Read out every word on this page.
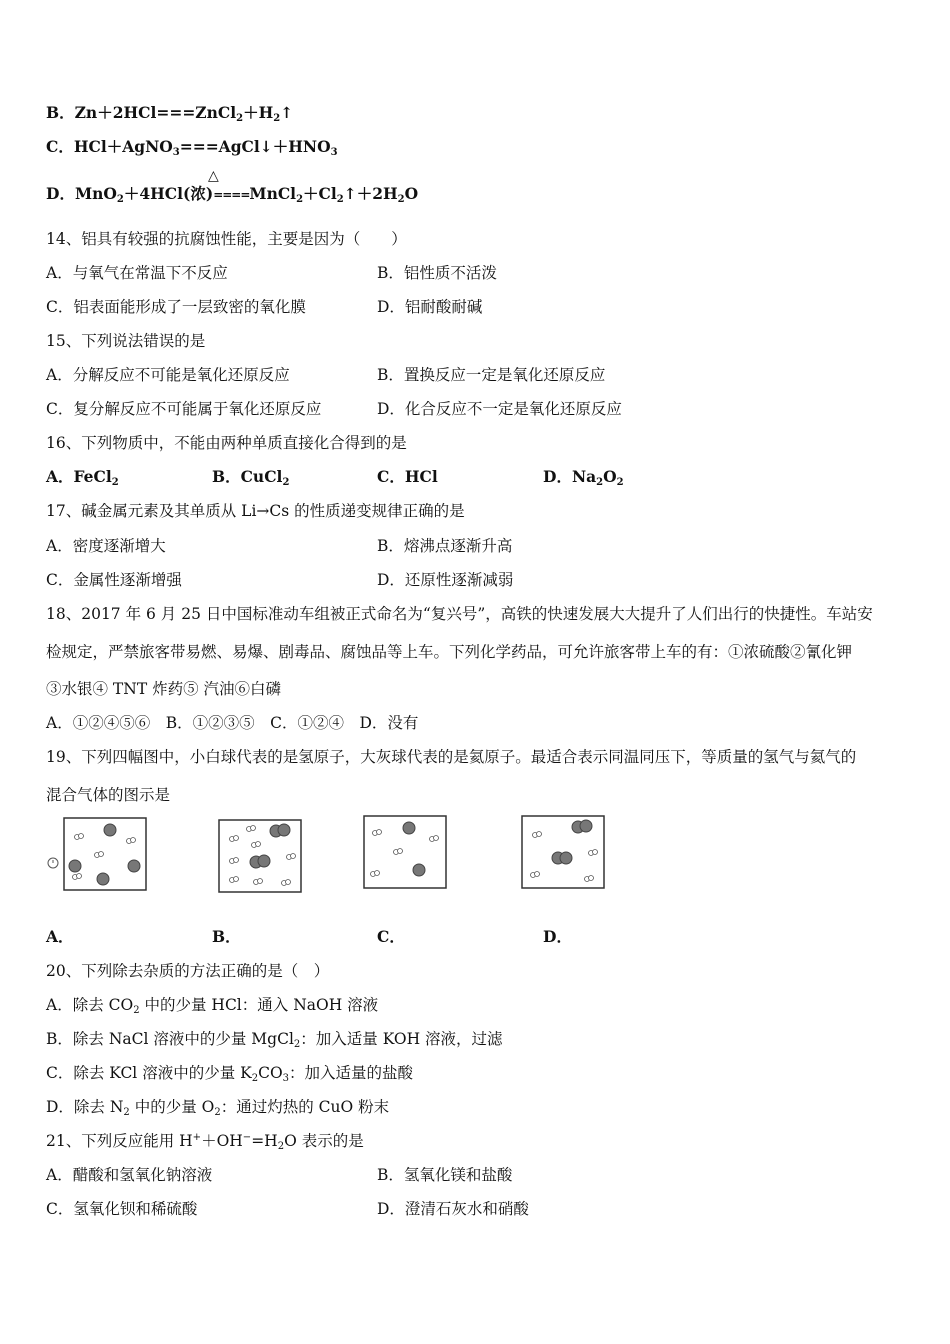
B．$Zn+2HCl===ZnCl_2+H_2↑$
C．$HCl+AgNO_3===AgCl↓+HNO_3$
△
D．MnO$_2$＋4HCl(浓)$====MnCl_2+Cl_2↑+2H_2O$
14、铝具有较强的抗腐蚀性能，主要是因为（　　）
A．与氧气在常温下不反应	B．铝性质不活泼
C．铝表面能形成了一层致密的氧化膜	D．铝耐酸耐碱
15、下列说法错误的是
A．分解反应不可能是氧化还原反应	B．置换反应一定是氧化还原反应
C．复分解反应不可能属于氧化还原反应	D．化合反应不一定是氧化还原反应
16、下列物质中，不能由两种单质直接化合得到的是
A．FeCl$_2$	B．CuCl$_2$	C．HCl	D．$Na_2O_2$
17、碱金属元素及其单质从 Li→Cs 的性质递变规律正确的是
A．密度逐渐增大	B．熔沸点逐渐升高
C．金属性逐渐增强	D．还原性逐渐减弱
18、2017 年 6 月 25 日中国标准动车组被正式命名为“复兴号”，高铁的快速发展大大提升了人们出行的快捷性。车站安
检规定，严禁旅客带易燃、易爆、剧毒品、腐蚀品等上车。下列化学药品，可允许旅客带上车的有：①浓硫酸②氰化钾
③水银④ TNT 炸药⑤ 汽油⑥白磷
A．①②④⑤⑥　B．①②③⑤　C．①②④　D．没有
19、下列四幅图中，小白球代表的是氢原子，大灰球代表的是氦原子。最适合表示同温同压下，等质量的氢气与氦气的
混合气体的图示是
A．	B．	C．	D．
20、下列除去杂质的方法正确的是（　）
A．除去 $CO_2$ 中的少量 HCl：通入 NaOH 溶液
B．除去 NaCl 溶液中的少量 MgCl$_2$：加入适量 KOH 溶液，过滤
C．除去 KCl 溶液中的少量 $K_2CO_3$：加入适量的盐酸
D．除去 $N_2$ 中的少量 $O_2$：通过灼热的 CuO 粉末
21、下列反应能用 $H^++OH^-=H_2O$ 表示的是
A．醋酸和氢氧化钠溶液	B．氢氧化镁和盐酸
C．氢氧化钡和稀硫酸	D．澄清石灰水和硝酸
